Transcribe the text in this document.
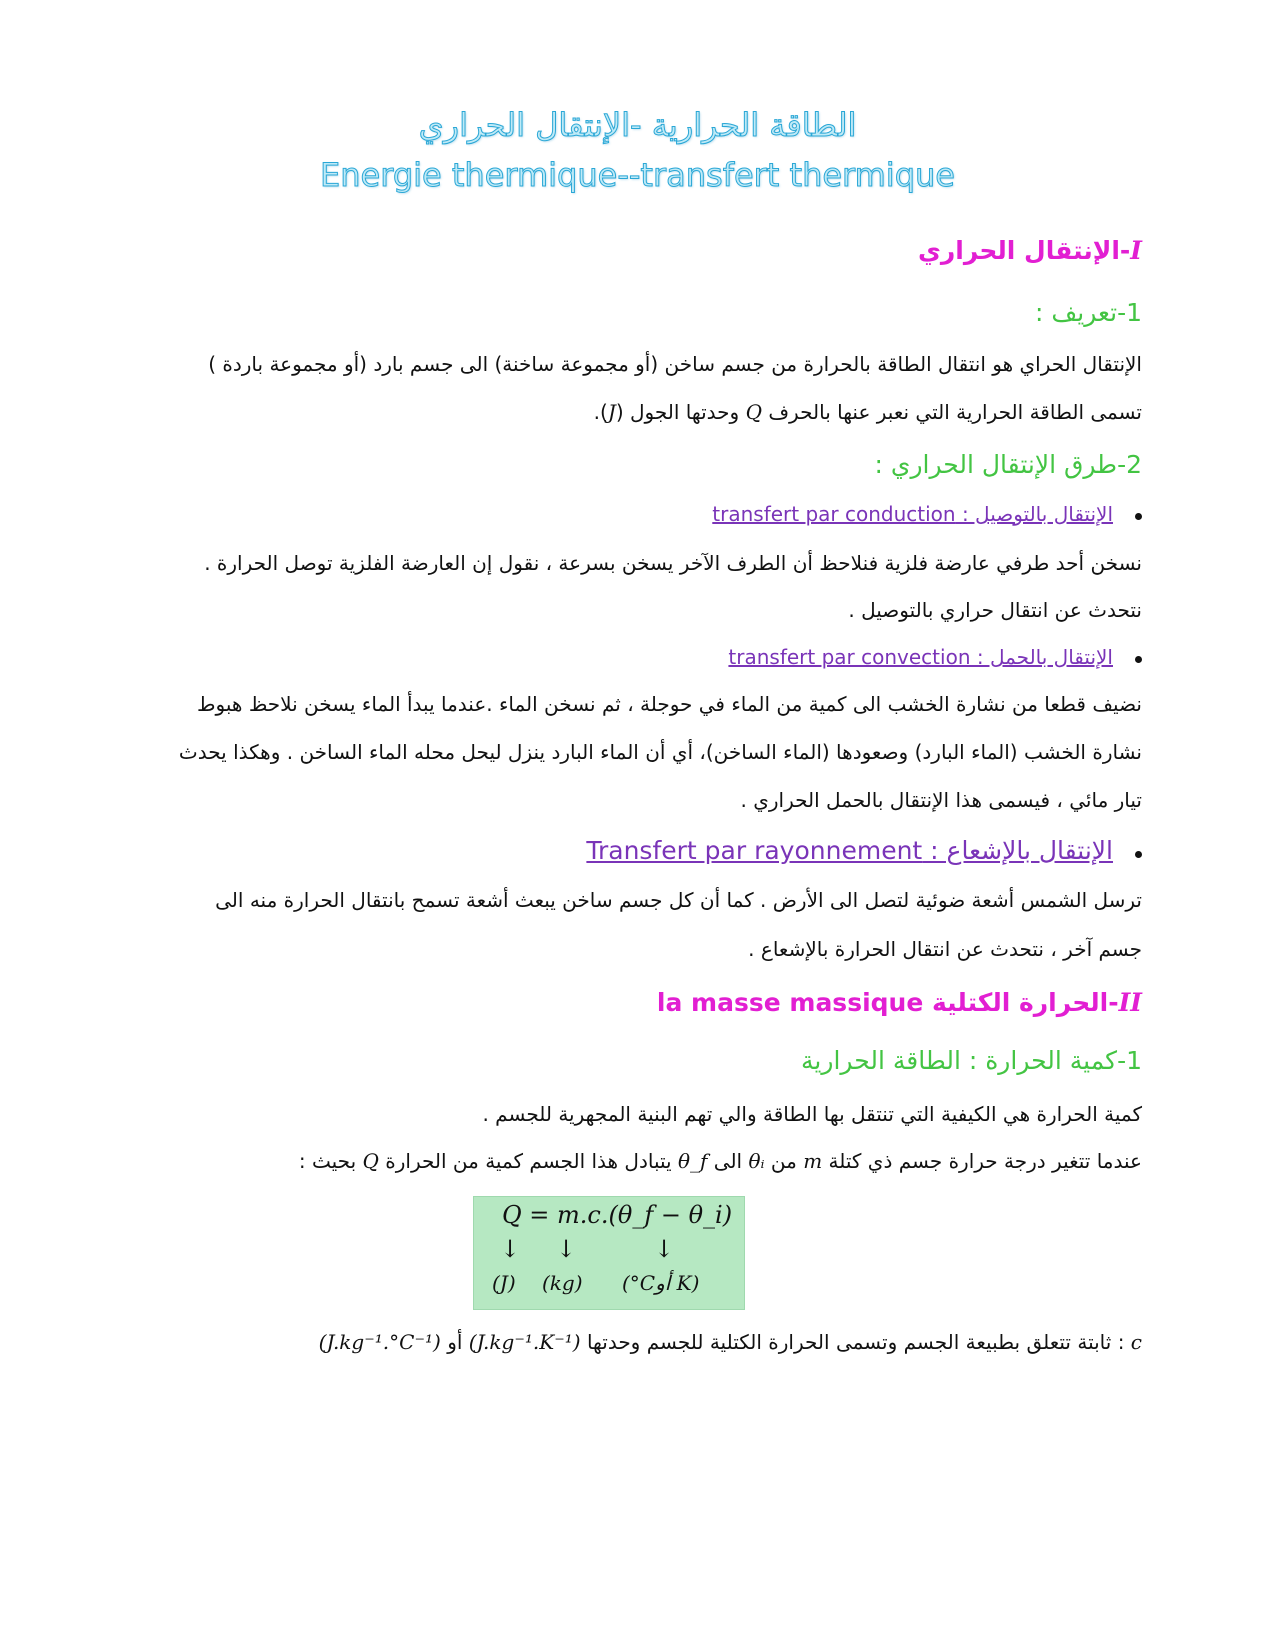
الطاقة الحرارية -الإنتقال الحراري
Energie thermique--transfert thermique
I-الإنتقال الحراري
1-تعريف :
الإنتقال الحراي هو انتقال الطاقة بالحرارة من جسم ساخن (أو مجموعة ساخنة) الى جسم بارد (أو مجموعة باردة )
تسمى الطاقة الحرارية التي نعبر عنها بالحرف Q وحدتها الجول (J).
2-طرق الإنتقال الحراري :
الإنتقال بالتوصيل : transfert par conduction
نسخن أحد طرفي عارضة فلزية فنلاحظ أن الطرف الآخر يسخن بسرعة ، نقول إن العارضة الفلزية توصل الحرارة .
نتحدث عن انتقال حراري بالتوصيل .
الإنتقال بالحمل : transfert par convection
نضيف قطعا من نشارة الخشب الى كمية من الماء في حوجلة ، ثم نسخن الماء .عندما يبدأ الماء يسخن نلاحظ هبوط
نشارة الخشب (الماء البارد) وصعودها (الماء الساخن)، أي أن الماء البارد ينزل ليحل محله الماء الساخن . وهكذا يحدث
تيار مائي ، فيسمى هذا الإنتقال بالحمل الحراري .
الإنتقال بالإشعاع : Transfert par rayonnement
ترسل الشمس أشعة ضوئية لتصل الى الأرض . كما أن كل جسم ساخن يبعث أشعة تسمح بانتقال الحرارة منه الى
جسم آخر ، نتحدث عن انتقال الحرارة بالإشعاع .
II-الحرارة الكتلية la masse massique
1-كمية الحرارة : الطاقة الحرارية
كمية الحرارة هي الكيفية التي تنتقل بها الطاقة والي تهم البنية المجهرية للجسم .
عندما تتغير درجة حرارة جسم ذي كتلة m من θᵢ الى θ_f يتبادل هذا الجسم كمية من الحرارة Q بحيث :
Q = m.c.(θ_f − θ_i)
↓ ↓	↓
(J) (kg) (°Cأو K)
c : ثابتة تتعلق بطبيعة الجسم وتسمى الحرارة الكتلية للجسم وحدتها (J.kg⁻¹.K⁻¹) أو (J.kg⁻¹.°C⁻¹)
